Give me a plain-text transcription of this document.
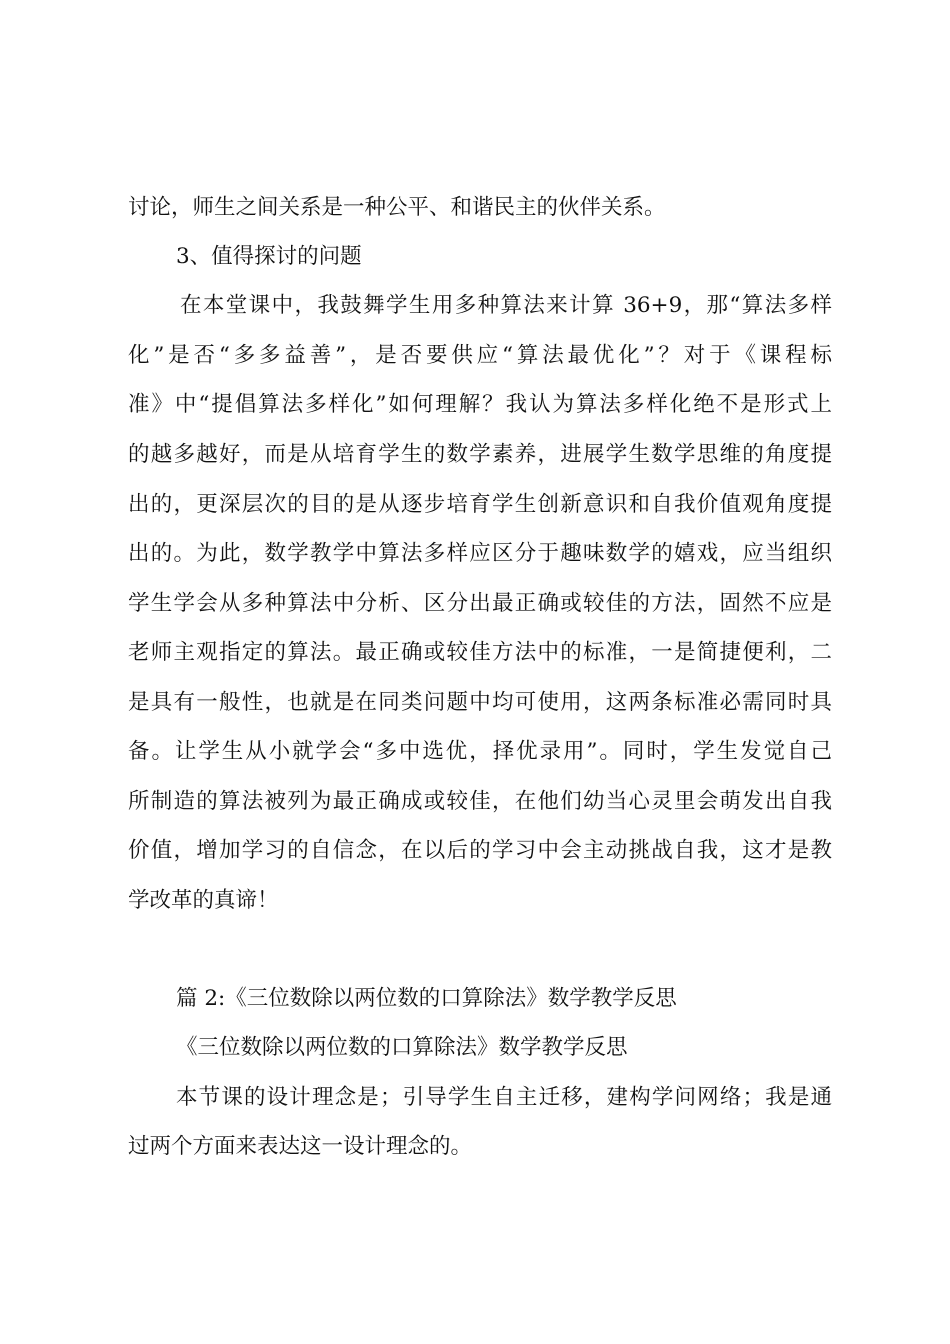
讨论，师生之间关系是一种公平、和谐民主的伙伴关系。
3、值得探讨的问题
在本堂课中，我鼓舞学生用多种算法来计算 36+9，那“算法多样
化”是否“多多益善”，是否要供应“算法最优化”？对于《课程标
准》中“提倡算法多样化”如何理解？我认为算法多样化绝不是形式上
的越多越好，而是从培育学生的数学素养，进展学生数学思维的角度提
出的，更深层次的目的是从逐步培育学生创新意识和自我价值观角度提
出的。为此，数学教学中算法多样应区分于趣味数学的嬉戏，应当组织
学生学会从多种算法中分析、区分出最正确或较佳的方法，固然不应是
老师主观指定的算法。最正确或较佳方法中的标准，一是简捷便利，二
是具有一般性，也就是在同类问题中均可使用，这两条标准必需同时具
备。让学生从小就学会“多中选优，择优录用”。同时，学生发觉自己
所制造的算法被列为最正确成或较佳，在他们幼当心灵里会萌发出自我
价值，增加学习的自信念，在以后的学习中会主动挑战自我，这才是教
学改革的真谛！
篇 2:《三位数除以两位数的口算除法》数学教学反思
《三位数除以两位数的口算除法》数学教学反思
本节课的设计理念是；引导学生自主迁移，建构学问网络；我是通
过两个方面来表达这一设计理念的。
